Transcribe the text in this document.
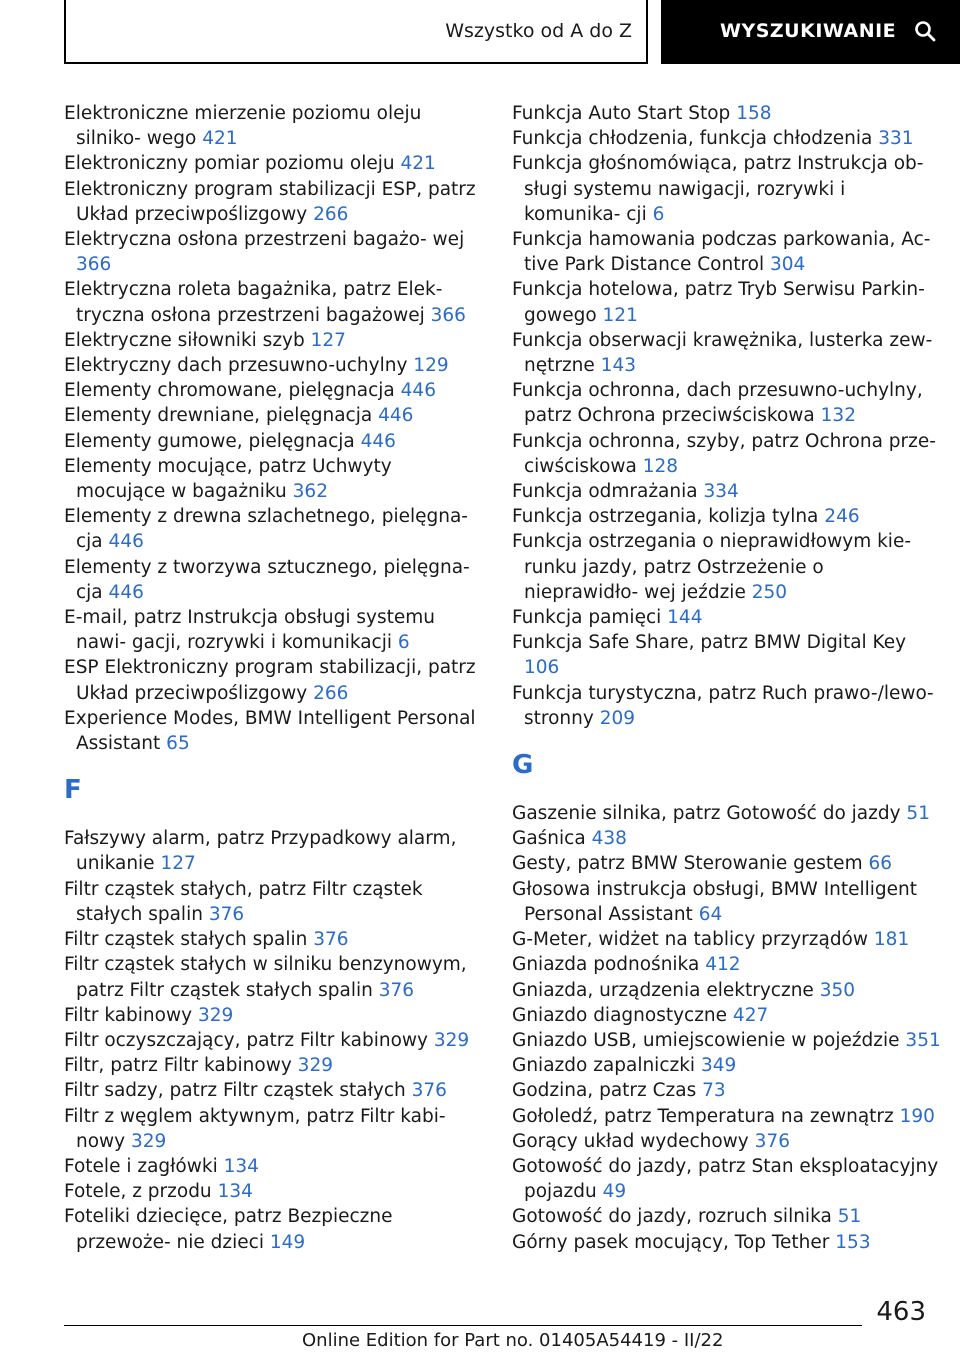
Wszystko od A do Z	WYSZUKIWANIE
Elektroniczne mierzenie poziomu oleju silniko‐ wego 421
Elektroniczny pomiar poziomu oleju 421
Elektroniczny program stabilizacji ESP, patrz Układ przeciwpoślizgowy 266
Elektryczna osłona przestrzeni bagażo‐ wej 366
Elektryczna roleta bagażnika, patrz Elek‐ tryczna osłona przestrzeni bagażowej 366
Elektryczne siłowniki szyb 127
Elektryczny dach przesuwno-uchylny 129
Elementy chromowane, pielęgnacja 446
Elementy drewniane, pielęgnacja 446
Elementy gumowe, pielęgnacja 446
Elementy mocujące, patrz Uchwyty mocujące w bagażniku 362
Elementy z drewna szlachetnego, pielęgna‐ cja 446
Elementy z tworzywa sztucznego, pielęgna‐ cja 446
E-mail, patrz Instrukcja obsługi systemu nawi‐ gacji, rozrywki i komunikacji 6
ESP Elektroniczny program stabilizacji, patrz Układ przeciwpoślizgowy 266
Experience Modes, BMW Intelligent Personal Assistant 65
F
Fałszywy alarm, patrz Przypadkowy alarm, unikanie 127
Filtr cząstek stałych, patrz Filtr cząstek stałych spalin 376
Filtr cząstek stałych spalin 376
Filtr cząstek stałych w silniku benzynowym, patrz Filtr cząstek stałych spalin 376
Filtr kabinowy 329
Filtr oczyszczający, patrz Filtr kabinowy 329
Filtr, patrz Filtr kabinowy 329
Filtr sadzy, patrz Filtr cząstek stałych 376
Filtr z węglem aktywnym, patrz Filtr kabi‐ nowy 329
Fotele i zagłówki 134
Fotele, z przodu 134
Foteliki dziecięce, patrz Bezpieczne przewoże‐ nie dzieci 149
Funkcja Auto Start Stop 158
Funkcja chłodzenia, funkcja chłodzenia 331
Funkcja głośnomówiąca, patrz Instrukcja ob‐ sługi systemu nawigacji, rozrywki i komunika‐ cji 6
Funkcja hamowania podczas parkowania, Ac‐ tive Park Distance Control 304
Funkcja hotelowa, patrz Tryb Serwisu Parkin‐ gowego 121
Funkcja obserwacji krawężnika, lusterka zew‐ nętrzne 143
Funkcja ochronna, dach przesuwno-uchylny, patrz Ochrona przeciwściskowa 132
Funkcja ochronna, szyby, patrz Ochrona prze‐ ciwściskowa 128
Funkcja odmrażania 334
Funkcja ostrzegania, kolizja tylna 246
Funkcja ostrzegania o nieprawidłowym kie‐ runku jazdy, patrz Ostrzeżenie o nieprawidło‐ wej jeździe 250
Funkcja pamięci 144
Funkcja Safe Share, patrz BMW Digital Key 106
Funkcja turystyczna, patrz Ruch prawo-/lewo‐ stronny 209
G
Gaszenie silnika, patrz Gotowość do jazdy 51
Gaśnica 438
Gesty, patrz BMW Sterowanie gestem 66
Głosowa instrukcja obsługi, BMW Intelligent Personal Assistant 64
G-Meter, widżet na tablicy przyrządów 181
Gniazda podnośnika 412
Gniazda, urządzenia elektryczne 350
Gniazdo diagnostyczne 427
Gniazdo USB, umiejscowienie w pojeździe 351
Gniazdo zapalniczki 349
Godzina, patrz Czas 73
Gołoledź, patrz Temperatura na zewnątrz 190
Gorący układ wydechowy 376
Gotowość do jazdy, patrz Stan eksploatacyjny pojazdu 49
Gotowość do jazdy, rozruch silnika 51
Górny pasek mocujący, Top Tether 153
463
Online Edition for Part no. 01405A54419 - II/22
